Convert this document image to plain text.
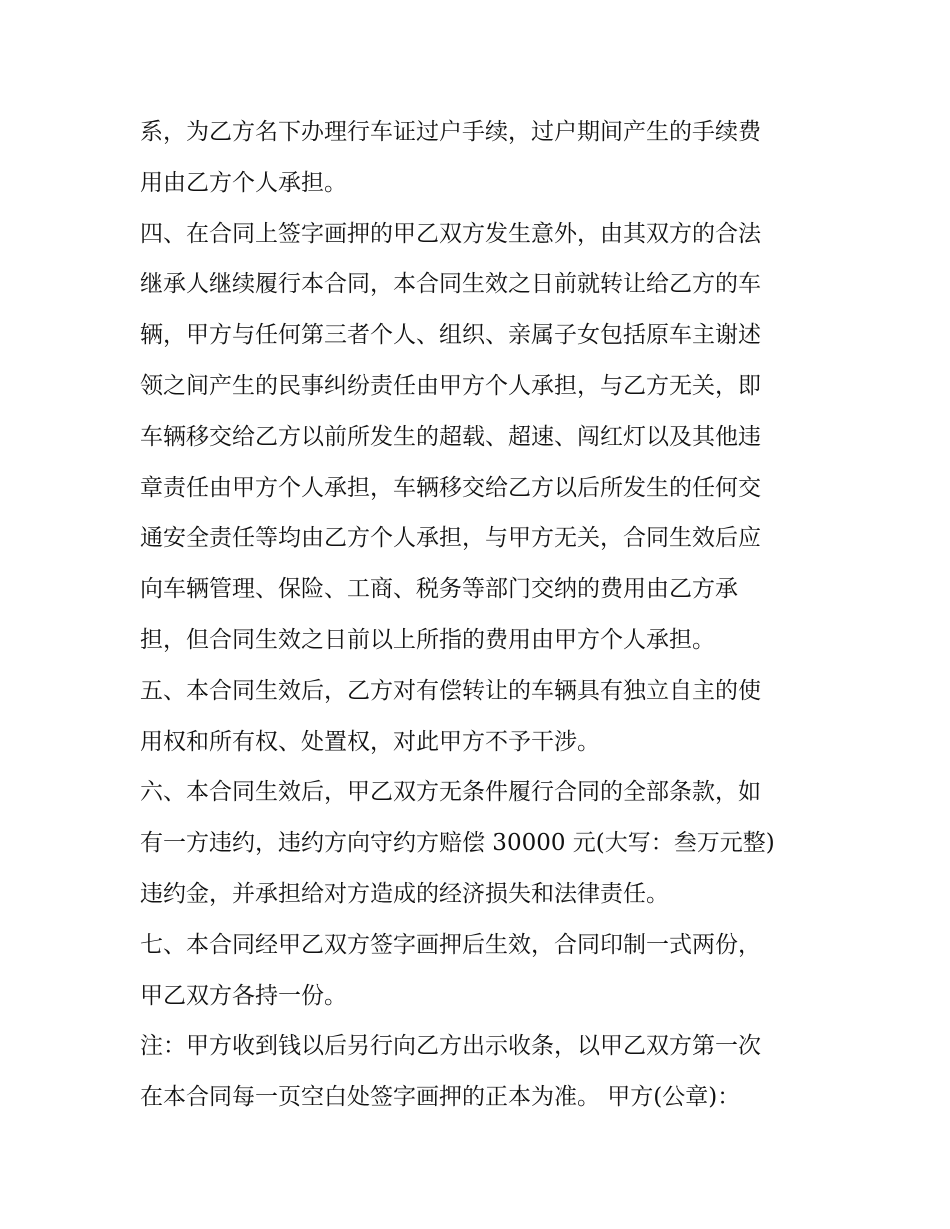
系，为乙方名下办理行车证过户手续，过户期间产生的手续费
用由乙方个人承担。
四、在合同上签字画押的甲乙双方发生意外，由其双方的合法
继承人继续履行本合同，本合同生效之日前就转让给乙方的车
辆，甲方与任何第三者个人、组织、亲属子女包括原车主谢述
领之间产生的民事纠纷责任由甲方个人承担，与乙方无关，即
车辆移交给乙方以前所发生的超载、超速、闯红灯以及其他违
章责任由甲方个人承担，车辆移交给乙方以后所发生的任何交
通安全责任等均由乙方个人承担，与甲方无关，合同生效后应
向车辆管理、保险、工商、税务等部门交纳的费用由乙方承
担，但合同生效之日前以上所指的费用由甲方个人承担。
五、本合同生效后，乙方对有偿转让的车辆具有独立自主的使
用权和所有权、处置权，对此甲方不予干涉。
六、本合同生效后，甲乙双方无条件履行合同的全部条款，如
有一方违约，违约方向守约方赔偿 30000 元(大写：叁万元整)
违约金，并承担给对方造成的经济损失和法律责任。
七、本合同经甲乙双方签字画押后生效，合同印制一式两份，
甲乙双方各持一份。
注：甲方收到钱以后另行向乙方出示收条，以甲乙双方第一次
在本合同每一页空白处签字画押的正本为准。 甲方(公章)：
